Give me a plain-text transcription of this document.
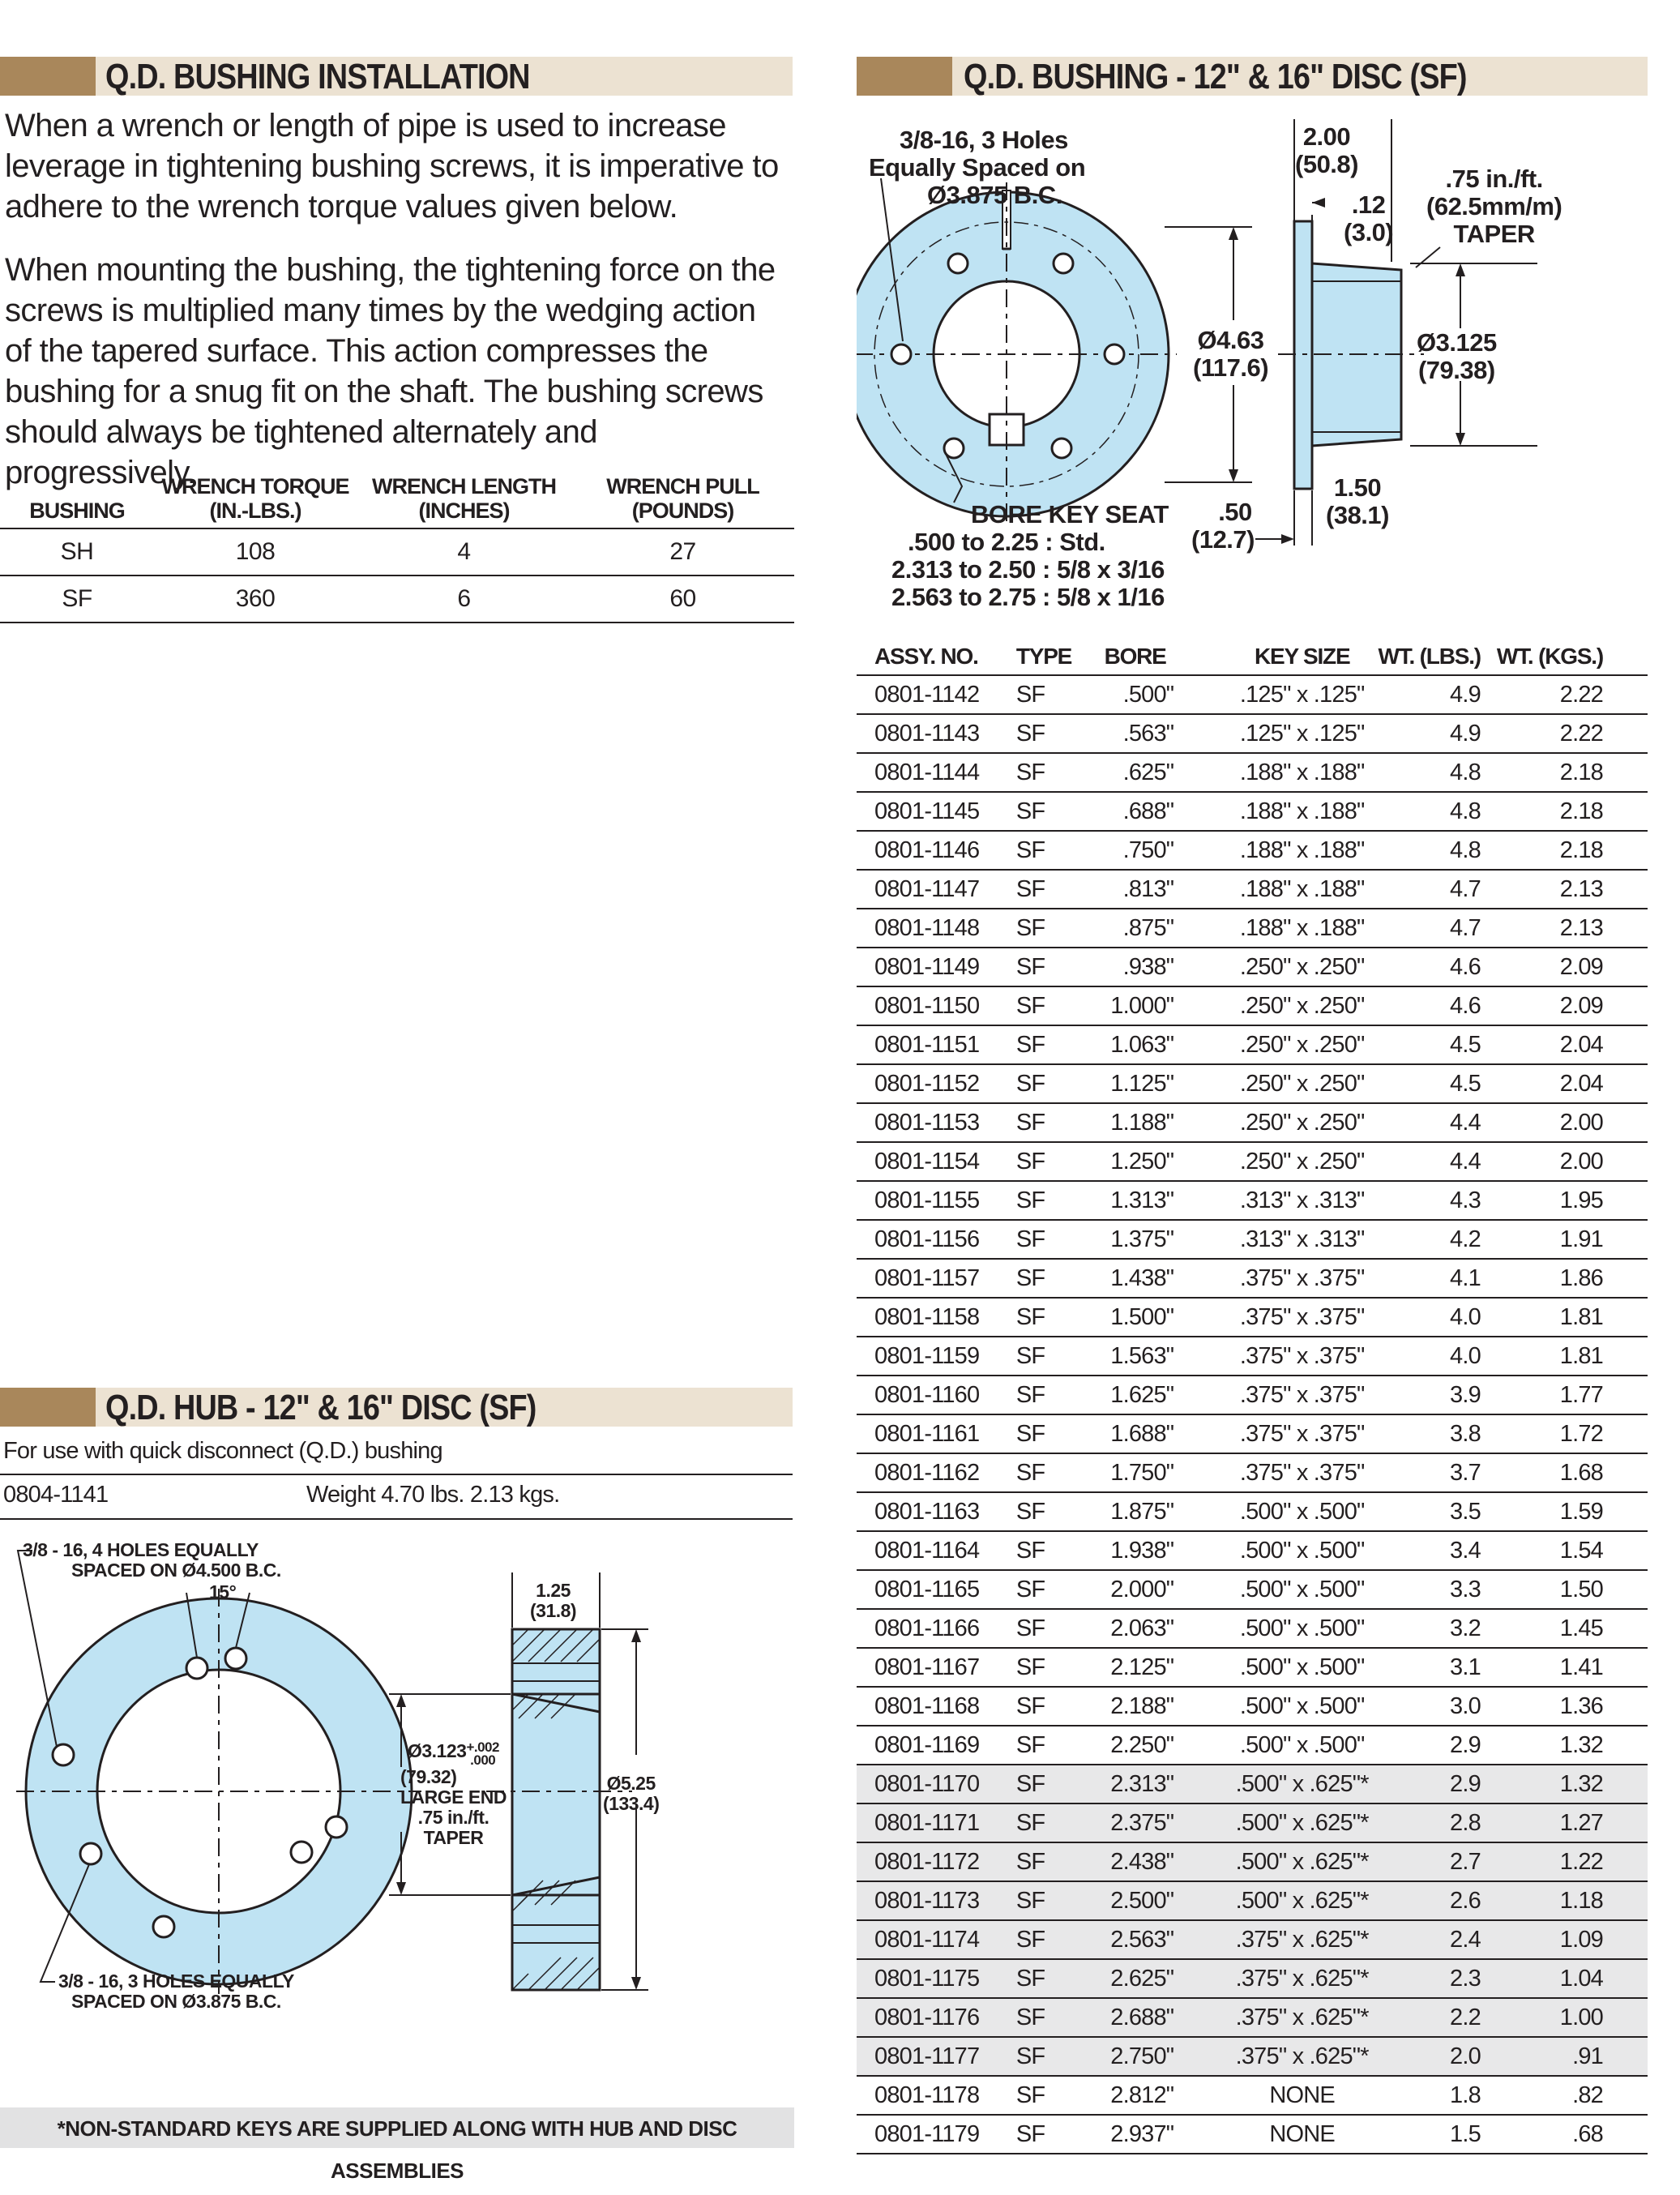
Q.D. BUSHING INSTALLATION

When a wrench or length of pipe is used to increase leverage in tightening bushing screws, it is imperative to adhere to the wrench torque values given below.

When mounting the bushing, the tightening force on the screws is multiplied many times by the wedging action of the tapered surface. This action compresses the bushing for a snug fit on the shaft. The bushing screws should always be tightened alternately and progressively.

BUSHING	WRENCH TORQUE (IN.-LBS.)	WRENCH LENGTH (INCHES)	WRENCH PULL (POUNDS)
SH	108	4	27
SF	360	6	60
Q.D. HUB - 12" & 16" DISC (SF)
For use with quick disconnect (Q.D.) bushing
0804-1141	Weight 4.70 lbs. 2.13 kgs.
3/8 - 16, 4 HOLES EQUALLY
SPACED ON Ø4.500 B.C.
15°
3/8 - 16, 3 HOLES EQUALLY
SPACED ON Ø3.875 B.C.
1.25
(31.8)
Ø3.123 +.002
.000
(79.32)
LARGE END
.75 in./ft.
TAPER
Ø5.25
(133.4)
*NON-STANDARD KEYS ARE SUPPLIED ALONG WITH HUB AND DISC ASSEMBLIES
Q.D. BUSHING - 12" & 16" DISC (SF)
3/8-16, 3 Holes
Equally Spaced on
Ø3.875 B.C.
Ø4.63
(117.6)
2.00
(50.8)
.12
(3.0)
.75 in./ft.
(62.5mm/m)
TAPER
Ø3.125
(79.38)
1.50
(38.1)
.50
(12.7)
BORE KEY SEAT
.500 to 2.25 : Std.
2.313 to 2.50 : 5/8 x 3/16
2.563 to 2.75 : 5/8 x 1/16
ASSY. NO.	TYPE	BORE	KEY SIZE	WT. (LBS.)	WT. (KGS.)
0801-1142	SF	.500"	.125" x .125"	4.9	2.22
0801-1143	SF	.563"	.125" x .125"	4.9	2.22
0801-1144	SF	.625"	.188" x .188"	4.8	2.18
0801-1145	SF	.688"	.188" x .188"	4.8	2.18
0801-1146	SF	.750"	.188" x .188"	4.8	2.18
0801-1147	SF	.813"	.188" x .188"	4.7	2.13
0801-1148	SF	.875"	.188" x .188"	4.7	2.13
0801-1149	SF	.938"	.250" x .250"	4.6	2.09
0801-1150	SF	1.000"	.250" x .250"	4.6	2.09
0801-1151	SF	1.063"	.250" x .250"	4.5	2.04
0801-1152	SF	1.125"	.250" x .250"	4.5	2.04
0801-1153	SF	1.188"	.250" x .250"	4.4	2.00
0801-1154	SF	1.250"	.250" x .250"	4.4	2.00
0801-1155	SF	1.313"	.313" x .313"	4.3	1.95
0801-1156	SF	1.375"	.313" x .313"	4.2	1.91
0801-1157	SF	1.438"	.375" x .375"	4.1	1.86
0801-1158	SF	1.500"	.375" x .375"	4.0	1.81
0801-1159	SF	1.563"	.375" x .375"	4.0	1.81
0801-1160	SF	1.625"	.375" x .375"	3.9	1.77
0801-1161	SF	1.688"	.375" x .375"	3.8	1.72
0801-1162	SF	1.750"	.375" x .375"	3.7	1.68
0801-1163	SF	1.875"	.500" x .500"	3.5	1.59
0801-1164	SF	1.938"	.500" x .500"	3.4	1.54
0801-1165	SF	2.000"	.500" x .500"	3.3	1.50
0801-1166	SF	2.063"	.500" x .500"	3.2	1.45
0801-1167	SF	2.125"	.500" x .500"	3.1	1.41
0801-1168	SF	2.188"	.500" x .500"	3.0	1.36
0801-1169	SF	2.250"	.500" x .500"	2.9	1.32
0801-1170	SF	2.313"	.500" x .625"*	2.9	1.32
0801-1171	SF	2.375"	.500" x .625"*	2.8	1.27
0801-1172	SF	2.438"	.500" x .625"*	2.7	1.22
0801-1173	SF	2.500"	.500" x .625"*	2.6	1.18
0801-1174	SF	2.563"	.375" x .625"*	2.4	1.09
0801-1175	SF	2.625"	.375" x .625"*	2.3	1.04
0801-1176	SF	2.688"	.375" x .625"*	2.2	1.00
0801-1177	SF	2.750"	.375" x .625"*	2.0	.91
0801-1178	SF	2.812"	NONE	1.8	.82
0801-1179	SF	2.937"	NONE	1.5	.68
